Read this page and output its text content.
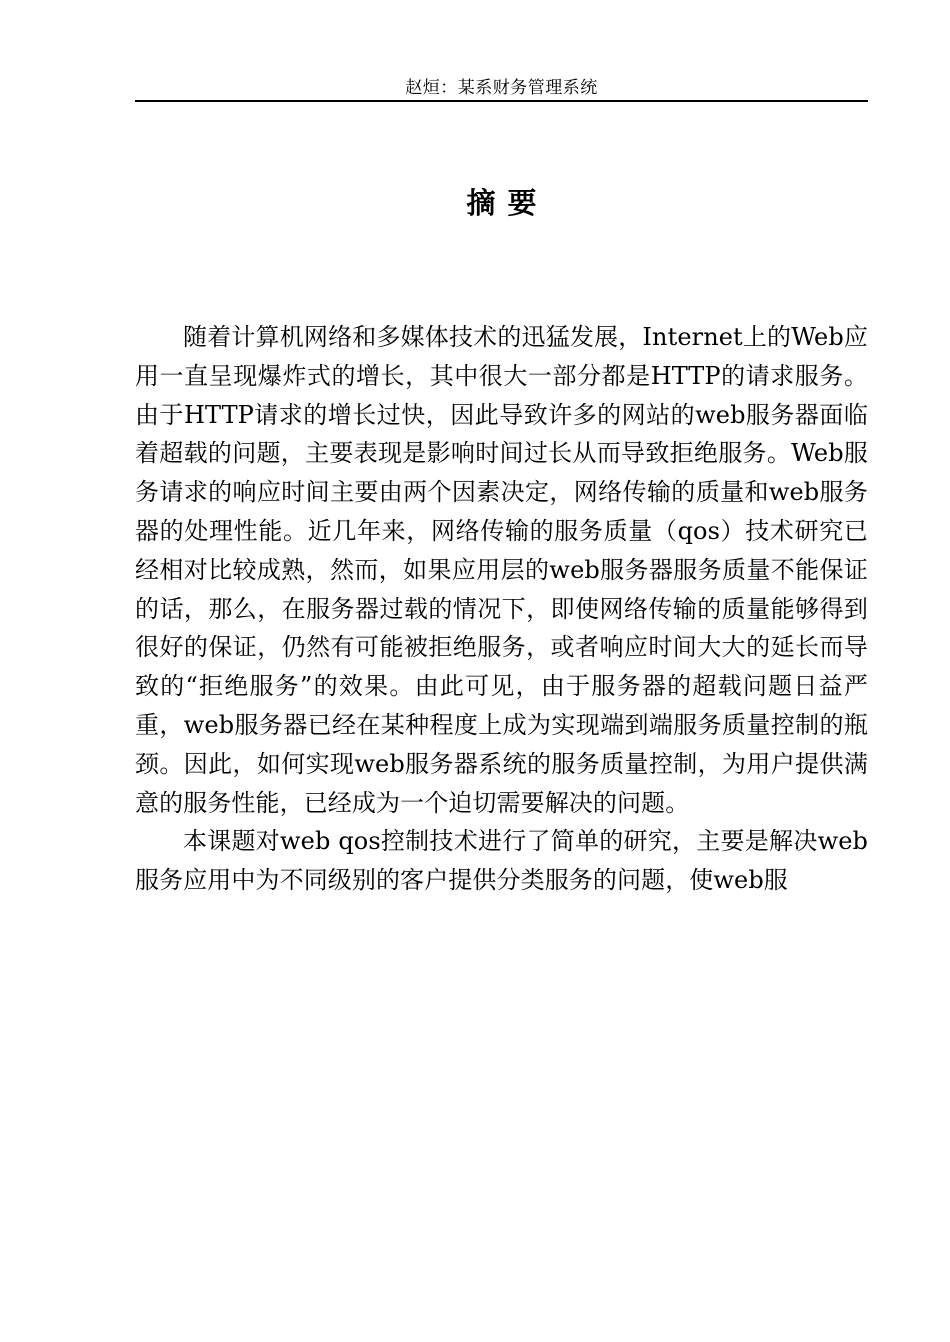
赵烜：某系财务管理系统
摘要

随着计算机网络和多媒体技术的迅猛发展，Internet上的Web应用一直呈现爆炸式的增长，其中很大一部分都是HTTP的请求服务。由于HTTP请求的增长过快，因此导致许多的网站的web服务器面临着超载的问题，主要表现是影响时间过长从而导致拒绝服务。Web服务请求的响应时间主要由两个因素决定，网络传输的质量和web服务器的处理性能。近几年来，网络传输的服务质量（qos）技术研究已经相对比较成熟，然而，如果应用层的web服务器服务质量不能保证的话，那么，在服务器过载的情况下，即使网络传输的质量能够得到很好的保证，仍然有可能被拒绝服务，或者响应时间大大的延长而导致的“拒绝服务”的效果。由此可见，由于服务器的超载问题日益严重，web服务器已经在某种程度上成为实现端到端服务质量控制的瓶颈。因此，如何实现web服务器系统的服务质量控制，为用户提供满意的服务性能，已经成为一个迫切需要解决的问题。

本课题对web qos控制技术进行了简单的研究，主要是解决web服务应用中为不同级别的客户提供分类服务的问题，使web服
